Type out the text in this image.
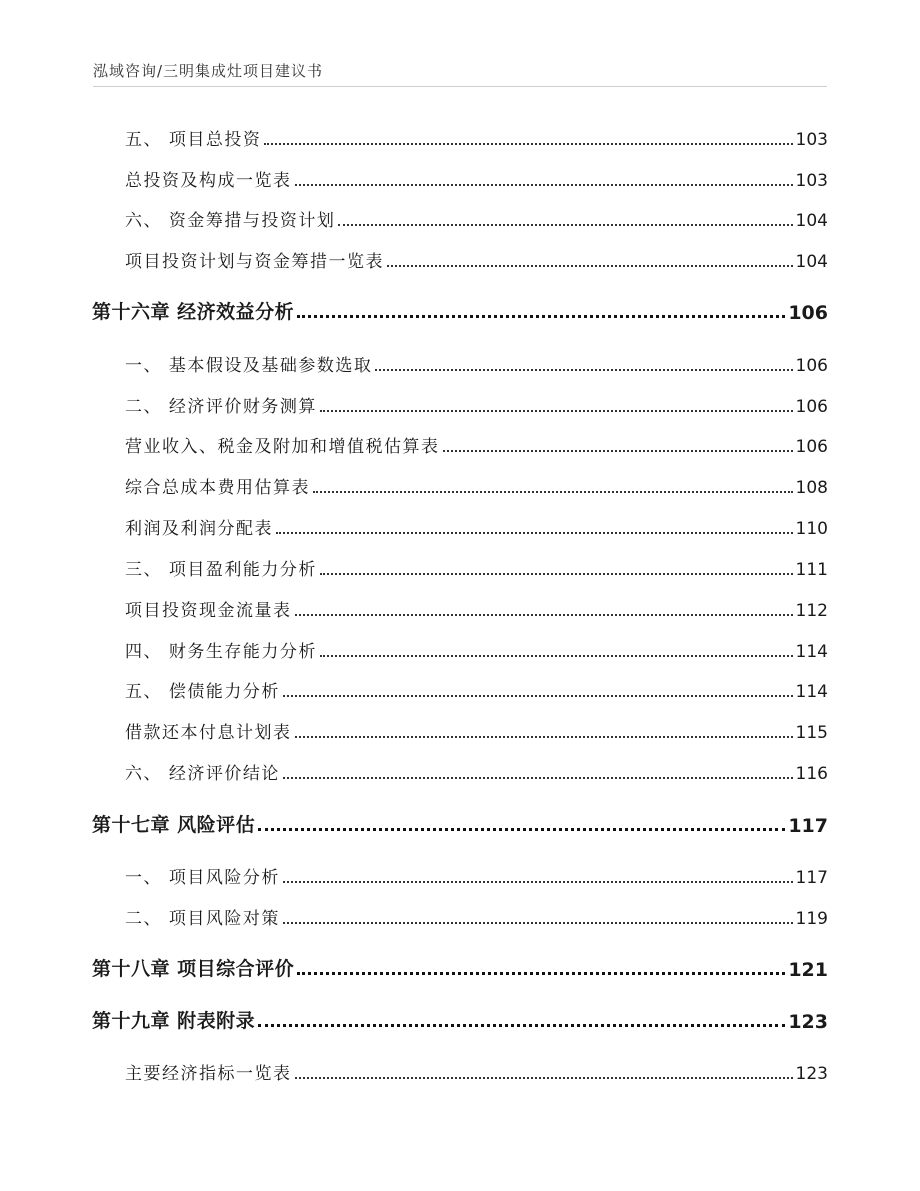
泓域咨询/三明集成灶项目建议书
五、 项目总投资	103
总投资及构成一览表	103
六、 资金筹措与投资计划	104
项目投资计划与资金筹措一览表	104
第十六章 经济效益分析	106
一、 基本假设及基础参数选取	106
二、 经济评价财务测算	106
营业收入、税金及附加和增值税估算表	106
综合总成本费用估算表	108
利润及利润分配表	110
三、 项目盈利能力分析	111
项目投资现金流量表	112
四、 财务生存能力分析	114
五、 偿债能力分析	114
借款还本付息计划表	115
六、 经济评价结论	116
第十七章 风险评估	117
一、 项目风险分析	117
二、 项目风险对策	119
第十八章 项目综合评价	121
第十九章 附表附录	123
主要经济指标一览表	123
